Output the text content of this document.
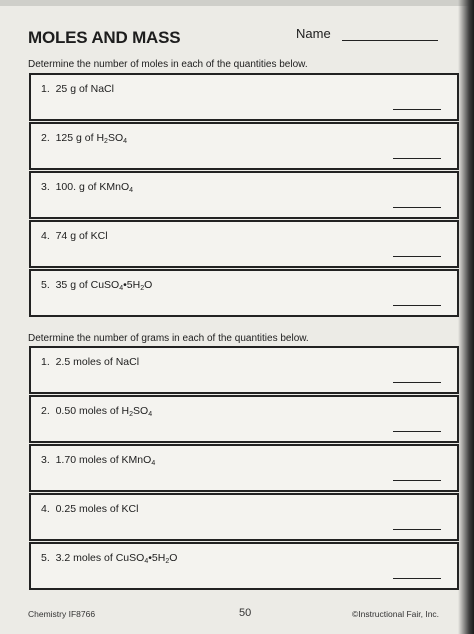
MOLES AND MASS	Name
Determine the number of moles in each of the quantities below.
1.  25 g of NaCl
2.  125 g of $H_2SO_4$
3.  100. g of KMnO$_4$
4.  74 g of KCl
5.  35 g of $CuSO_4•5H_2O$
Determine the number of grams in each of the quantities below.
1.  2.5 moles of NaCl
2.  0.50 moles of $H_2SO_4$
3.  1.70 moles of KMnO$_4$
4.  0.25 moles of KCl
5.  3.2 moles of $CuSO_4•5H_2O$
Chemistry IF8766	50	©Instructional Fair, Inc.
